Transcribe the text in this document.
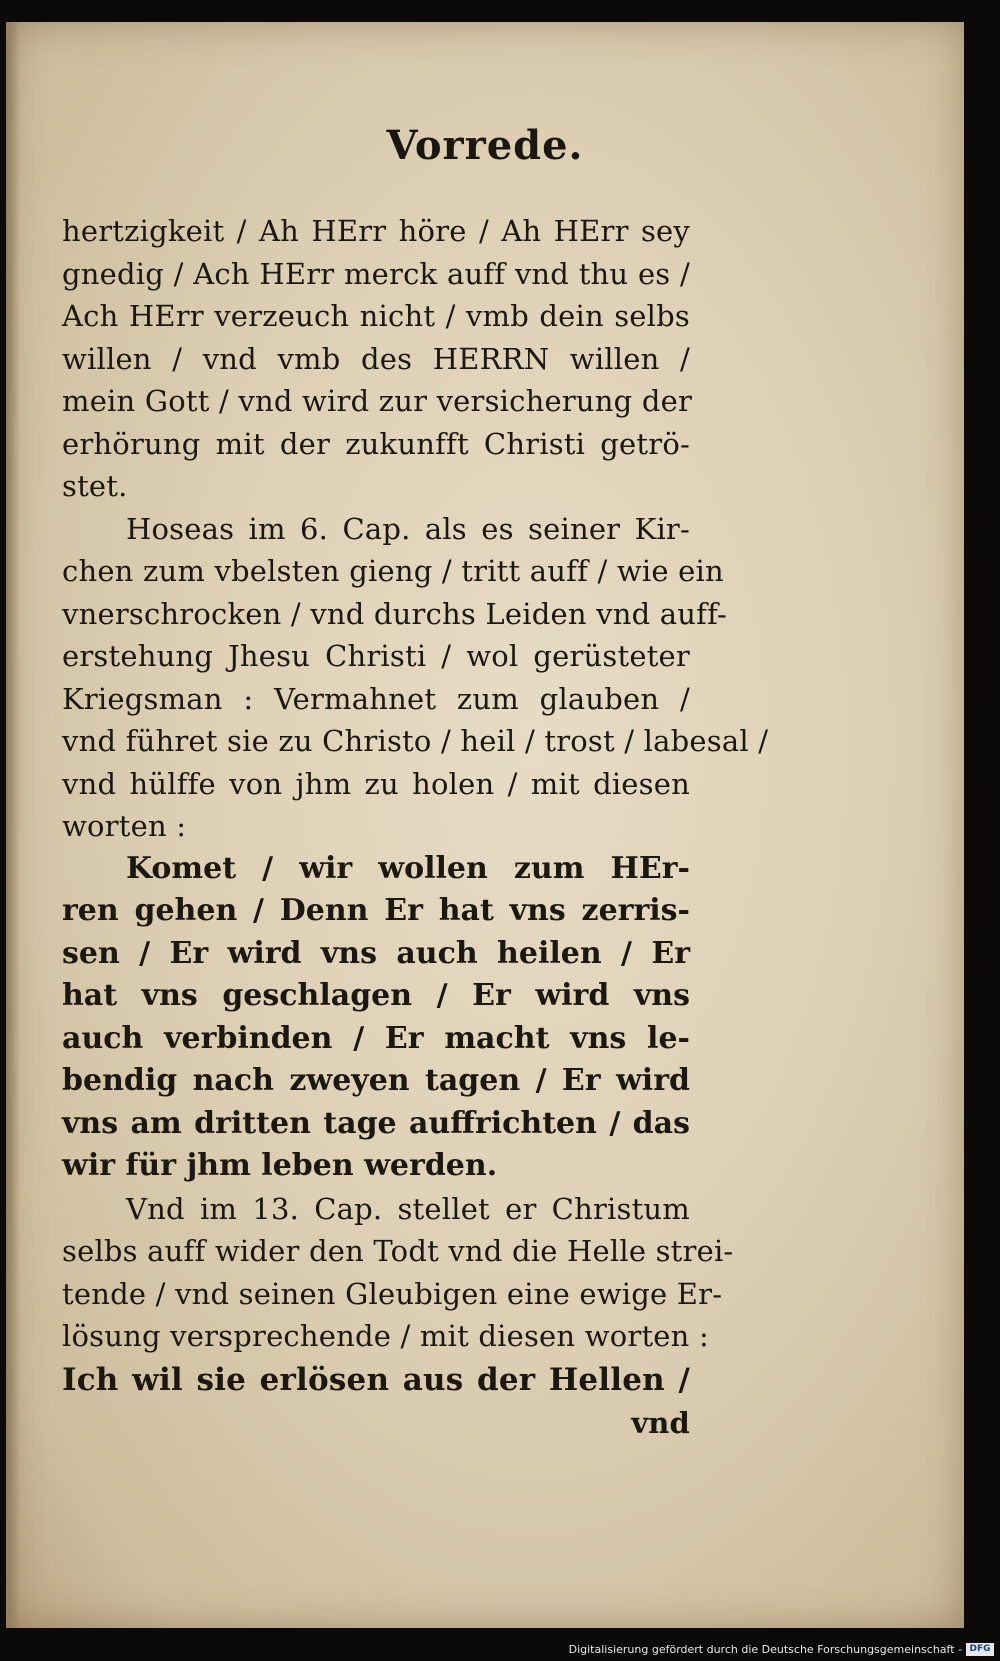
Vorrede.
hertzigkeit / Ah HErr höre / Ah HErr sey
gnedig / Ach HErr merck auff vnd thu es /
Ach HErr verzeuch nicht / vmb dein selbs
willen / vnd vmb des HERRN willen /
mein Gott / vnd wird zur versicherung der
erhörung mit der zukunfft Christi getrö-
stet.
Hoseas im 6. Cap. als es seiner Kir-
chen zum vbelsten gieng / tritt auff / wie ein
vnerschrocken / vnd durchs Leiden vnd auff-
erstehung Jhesu Christi / wol gerüsteter
Kriegsman : Vermahnet zum glauben /
vnd führet sie zu Christo / heil / trost / labesal /
vnd hülffe von jhm zu holen / mit diesen
worten :
Komet / wir wollen zum HEr-
ren gehen / Denn Er hat vns zerris-
sen / Er wird vns auch heilen / Er
hat vns geschlagen / Er wird vns
auch verbinden / Er macht vns le-
bendig nach zweyen tagen / Er wird
vns am dritten tage auffrichten / das
wir für jhm leben werden.
Vnd im 13. Cap. stellet er Christum
selbs auff wider den Todt vnd die Helle strei-
tende / vnd seinen Gleubigen eine ewige Er-
lösung versprechende / mit diesen worten :
Ich wil sie erlösen aus der Hellen /
vnd
Digitalisierung gefördert durch die Deutsche Forschungsgemeinschaft - DFG
